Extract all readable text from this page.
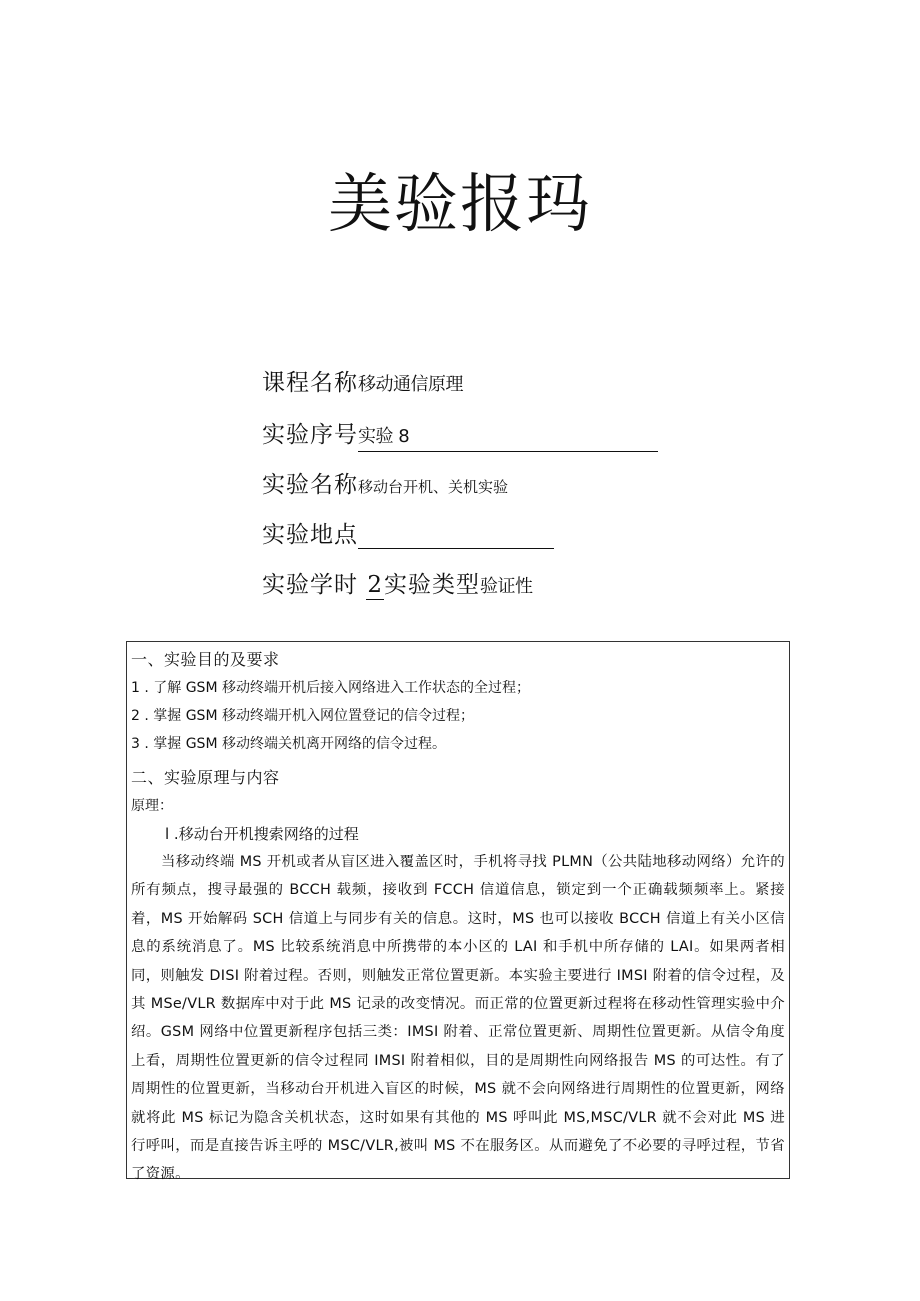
美验报玛
课程名称移动通信原理
实验序号实验 8
实验名称移动台开机、关机实验
实验地点
实验学时 2实验类型验证性
一、实验目的及要求
1 . 了解 GSM 移动终端开机后接入网络进入工作状态的全过程；
2 . 掌握 GSM 移动终端开机入网位置登记的信令过程；
3 . 掌握 GSM 移动终端关机离开网络的信令过程。
二、实验原理与内容
原理：
l .移动台开机搜索网络的过程
当移动终端 MS 开机或者从盲区进入覆盖区时，手机将寻找 PLMN（公共陆地移动网络）允许的所有频点，搜寻最强的 BCCH 载频，接收到 FCCH 信道信息，锁定到一个正确载频频率上。紧接着，MS 开始解码 SCH 信道上与同步有关的信息。这时，MS 也可以接收 BCCH 信道上有关小区信息的系统消息了。MS 比较系统消息中所携带的本小区的 LAI 和手机中所存储的 LAI。如果两者相同，则触发 DISI 附着过程。否则，则触发正常位置更新。本实验主要进行 IMSI 附着的信令过程，及其 MSe/VLR 数据库中对于此 MS 记录的改变情况。而正常的位置更新过程将在移动性管理实验中介绍。GSM 网络中位置更新程序包括三类：IMSI 附着、正常位置更新、周期性位置更新。从信令角度上看，周期性位置更新的信令过程同 IMSI 附着相似，目的是周期性向网络报告 MS 的可达性。有了周期性的位置更新，当移动台开机进入盲区的时候，MS 就不会向网络进行周期性的位置更新，网络就将此 MS 标记为隐含关机状态，这时如果有其他的 MS 呼叫此 MS,MSC/VLR 就不会对此 MS 进行呼叫，而是直接告诉主呼的 MSC/VLR,被叫 MS 不在服务区。从而避免了不必要的寻呼过程，节省了资源。
